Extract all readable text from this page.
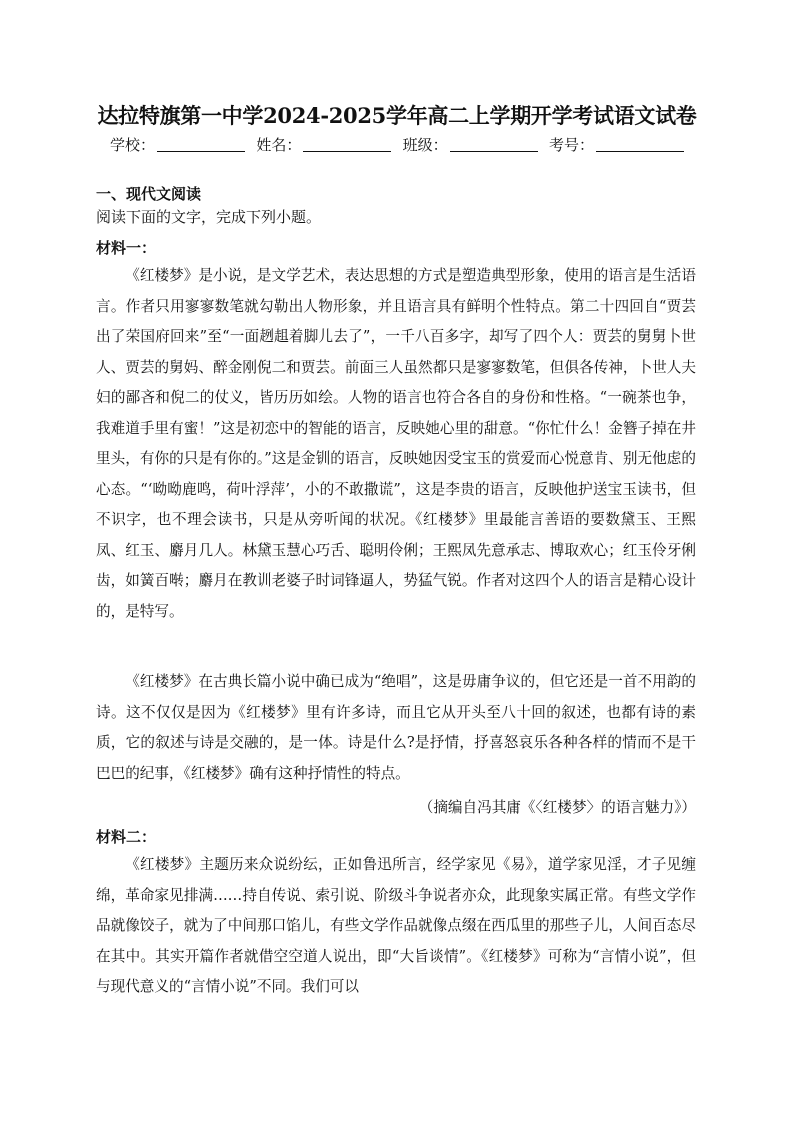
达拉特旗第一中学2024-2025学年高二上学期开学考试语文试卷
学校：	姓名：	班级：	考号：
一、现代文阅读
阅读下面的文字，完成下列小题。
材料一：

《红楼梦》是小说，是文学艺术，表达思想的方式是塑造典型形象，使用的语言是生活语言。作者只用寥寥数笔就勾勒出人物形象，并且语言具有鲜明个性特点。第二十四回自“贾芸出了荣国府回来”至“一面趔趄着脚儿去了”，一千八百多字，却写了四个人：贾芸的舅舅卜世人、贾芸的舅妈、醉金刚倪二和贾芸。前面三人虽然都只是寥寥数笔，但俱各传神，卜世人夫妇的鄙吝和倪二的仗义，皆历历如绘。人物的语言也符合各自的身份和性格。“一碗茶也争，我难道手里有蜜！”这是初恋中的智能的语言，反映她心里的甜意。“你忙什么！金簪子掉在井里头，有你的只是有你的。”这是金钏的语言，反映她因受宝玉的赏爱而心悦意肯、别无他虑的心态。“‘呦呦鹿鸣，荷叶浮萍’，小的不敢撒谎”，这是李贵的语言，反映他护送宝玉读书，但不识字，也不理会读书，只是从旁听闻的状况。《红楼梦》里最能言善语的要数黛玉、王熙凤、红玉、麝月几人。林黛玉慧心巧舌、聪明伶俐；王熙凤先意承志、博取欢心；红玉伶牙俐齿，如簧百啭；麝月在教训老婆子时词锋逼人，势猛气锐。作者对这四个人的语言是精心设计的，是特写。

《红楼梦》在古典长篇小说中确已成为“绝唱”，这是毋庸争议的，但它还是一首不用韵的诗。这不仅仅是因为《红楼梦》里有许多诗，而且它从开头至八十回的叙述，也都有诗的素质，它的叙述与诗是交融的，是一体。诗是什么?是抒情，抒喜怒哀乐各种各样的情而不是干巴巴的纪事，《红楼梦》确有这种抒情性的特点。

（摘编自冯其庸《〈红楼梦〉的语言魅力》）
材料二：

《红楼梦》主题历来众说纷纭，正如鲁迅所言，经学家见《易》，道学家见淫，才子见缠绵，革命家见排满……持自传说、索引说、阶级斗争说者亦众，此现象实属正常。有些文学作品就像饺子，就为了中间那口馅儿，有些文学作品就像点缀在西瓜里的那些子儿，人间百态尽在其中。其实开篇作者就借空空道人说出，即“大旨谈情”。《红楼梦》可称为“言情小说”，但与现代意义的“言情小说”不同。我们可以
